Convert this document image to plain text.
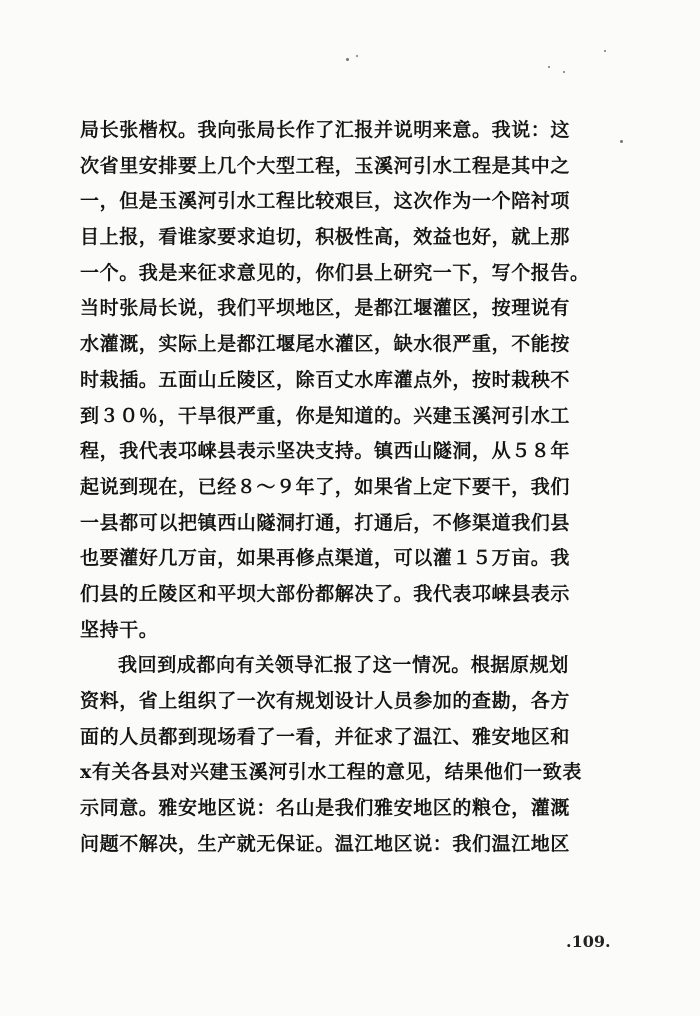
局长张楷权。我向张局长作了汇报并说明来意。我说：这
次省里安排要上几个大型工程，玉溪河引水工程是其中之
一，但是玉溪河引水工程比较艰巨，这次作为一个陪衬项
目上报，看谁家要求迫切，积极性高，效益也好，就上那
一个。我是来征求意见的，你们县上研究一下，写个报告。
当时张局长说，我们平坝地区，是都江堰灌区，按理说有
水灌溉，实际上是都江堰尾水灌区，缺水很严重，不能按
时栽插。五面山丘陵区，除百丈水库灌点外，按时栽秧不
到３０％，干旱很严重，你是知道的。兴建玉溪河引水工
程，我代表邛崃县表示坚决支持。镇西山隧洞，从５８年
起说到现在，已经８～９年了，如果省上定下要干，我们
一县都可以把镇西山隧洞打通，打通后，不修渠道我们县
也要灌好几万亩，如果再修点渠道，可以灌１５万亩。我
们县的丘陵区和平坝大部份都解决了。我代表邛崃县表示
坚持干。
我回到成都向有关领导汇报了这一情况。根据原规划
资料，省上组织了一次有规划设计人员参加的查勘，各方
面的人员都到现场看了一看，并征求了温江、雅安地区和
x有关各县对兴建玉溪河引水工程的意见，结果他们一致表
示同意。雅安地区说：名山是我们雅安地区的粮仓，灌溉
问题不解决，生产就无保证。温江地区说：我们温江地区
.109.
